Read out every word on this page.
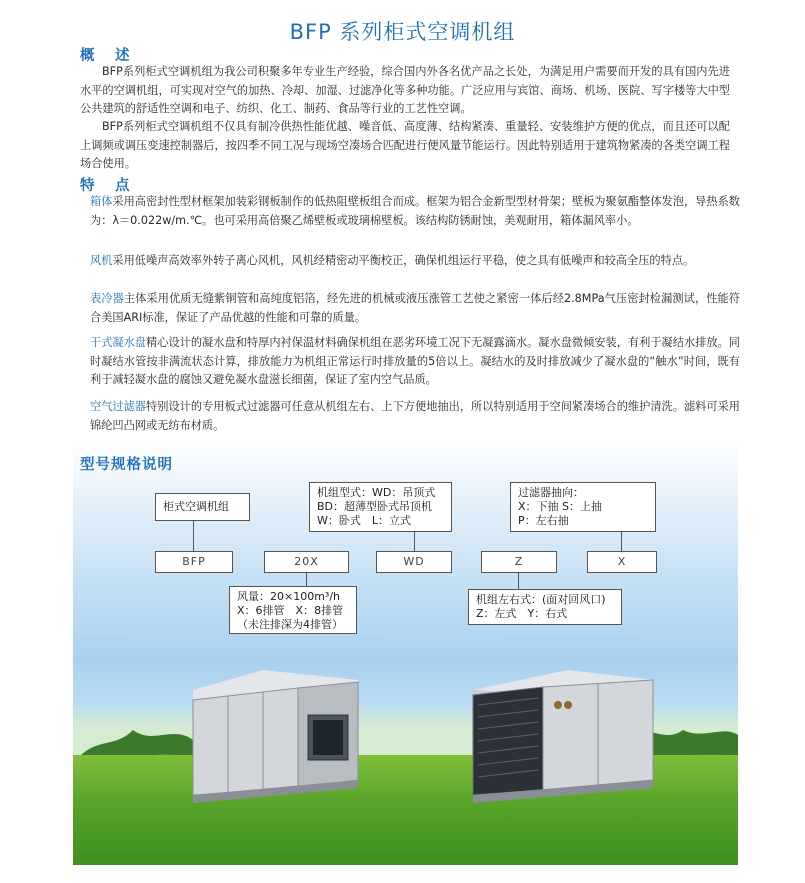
BFP 系列柜式空调机组
概　述
BFP系列柜式空调机组为我公司积聚多年专业生产经验，综合国内外各名优产品之长处，为满足用户需要而开发的具有国内先进水平的空调机组，可实现对空气的加热、冷却、加湿、过滤净化等多种功能。广泛应用与宾馆、商场、机场、医院、写字楼等大中型公共建筑的舒适性空调和电子、纺织、化工、制药、食品等行业的工艺性空调。
BFP系列柜式空调机组不仅具有制冷供热性能优越、噪音低、高度薄、结构紧凑、重量轻、安装维护方便的优点，而且还可以配上调频或调压变速控制器后，按四季不同工况与现场空凑场合匹配进行便风量节能运行。因此特别适用于建筑物紧凑的各类空调工程场合使用。
特　点
箱体采用高密封性型材框架加装彩钢板制作的低热阻壁板组合而成。框架为铝合金新型型材骨架；壁板为聚氨酯整体发泡，导热系数为：λ＝0.022w/m.℃。也可采用高倍聚乙烯壁板或玻璃棉壁板。该结构防锈耐蚀，美观耐用，箱体漏风率小。
风机采用低噪声高效率外转子离心风机，风机经精密动平衡校正，确保机组运行平稳，使之具有低噪声和较高全压的特点。
表冷器主体采用优质无缝紫铜管和高纯度铝箔，经先进的机械或液压涨管工艺使之紧密一体后经2.8MPa气压密封检漏测试，性能符合美国ARI标准，保证了产品优越的性能和可靠的质量。
干式凝水盘精心设计的凝水盘和特厚内衬保温材料确保机组在恶劣环境工况下无凝露滴水。凝水盘微倾安装，有利于凝结水排放。同时凝结水管按非满流状态计算，排放能力为机组正常运行时排放量的5倍以上。凝结水的及时排放减少了凝水盘的“触水”时间，既有利于减轻凝水盘的腐蚀又避免凝水盘滋长细菌，保证了室内空气品质。
空气过滤器特别设计的专用板式过滤器可任意从机组左右、上下方便地抽出，所以特别适用于空间紧凑场合的维护清洗。滤料可采用锦纶凹凸网或无纺布材质。
型号规格说明
柜式空调机组
机组型式：WD：吊顶式
BD：超薄型卧式吊顶机
W：卧式　L：立式
过滤器抽向：
X：下抽 S：上抽
P：左右抽
BFP	20X	WD	Z	X
风量：20×100m³/h
X：6排管　X：8排管
（未注排深为4排管）
机组左右式：(面对回风口)
Z：左式　Y：右式
